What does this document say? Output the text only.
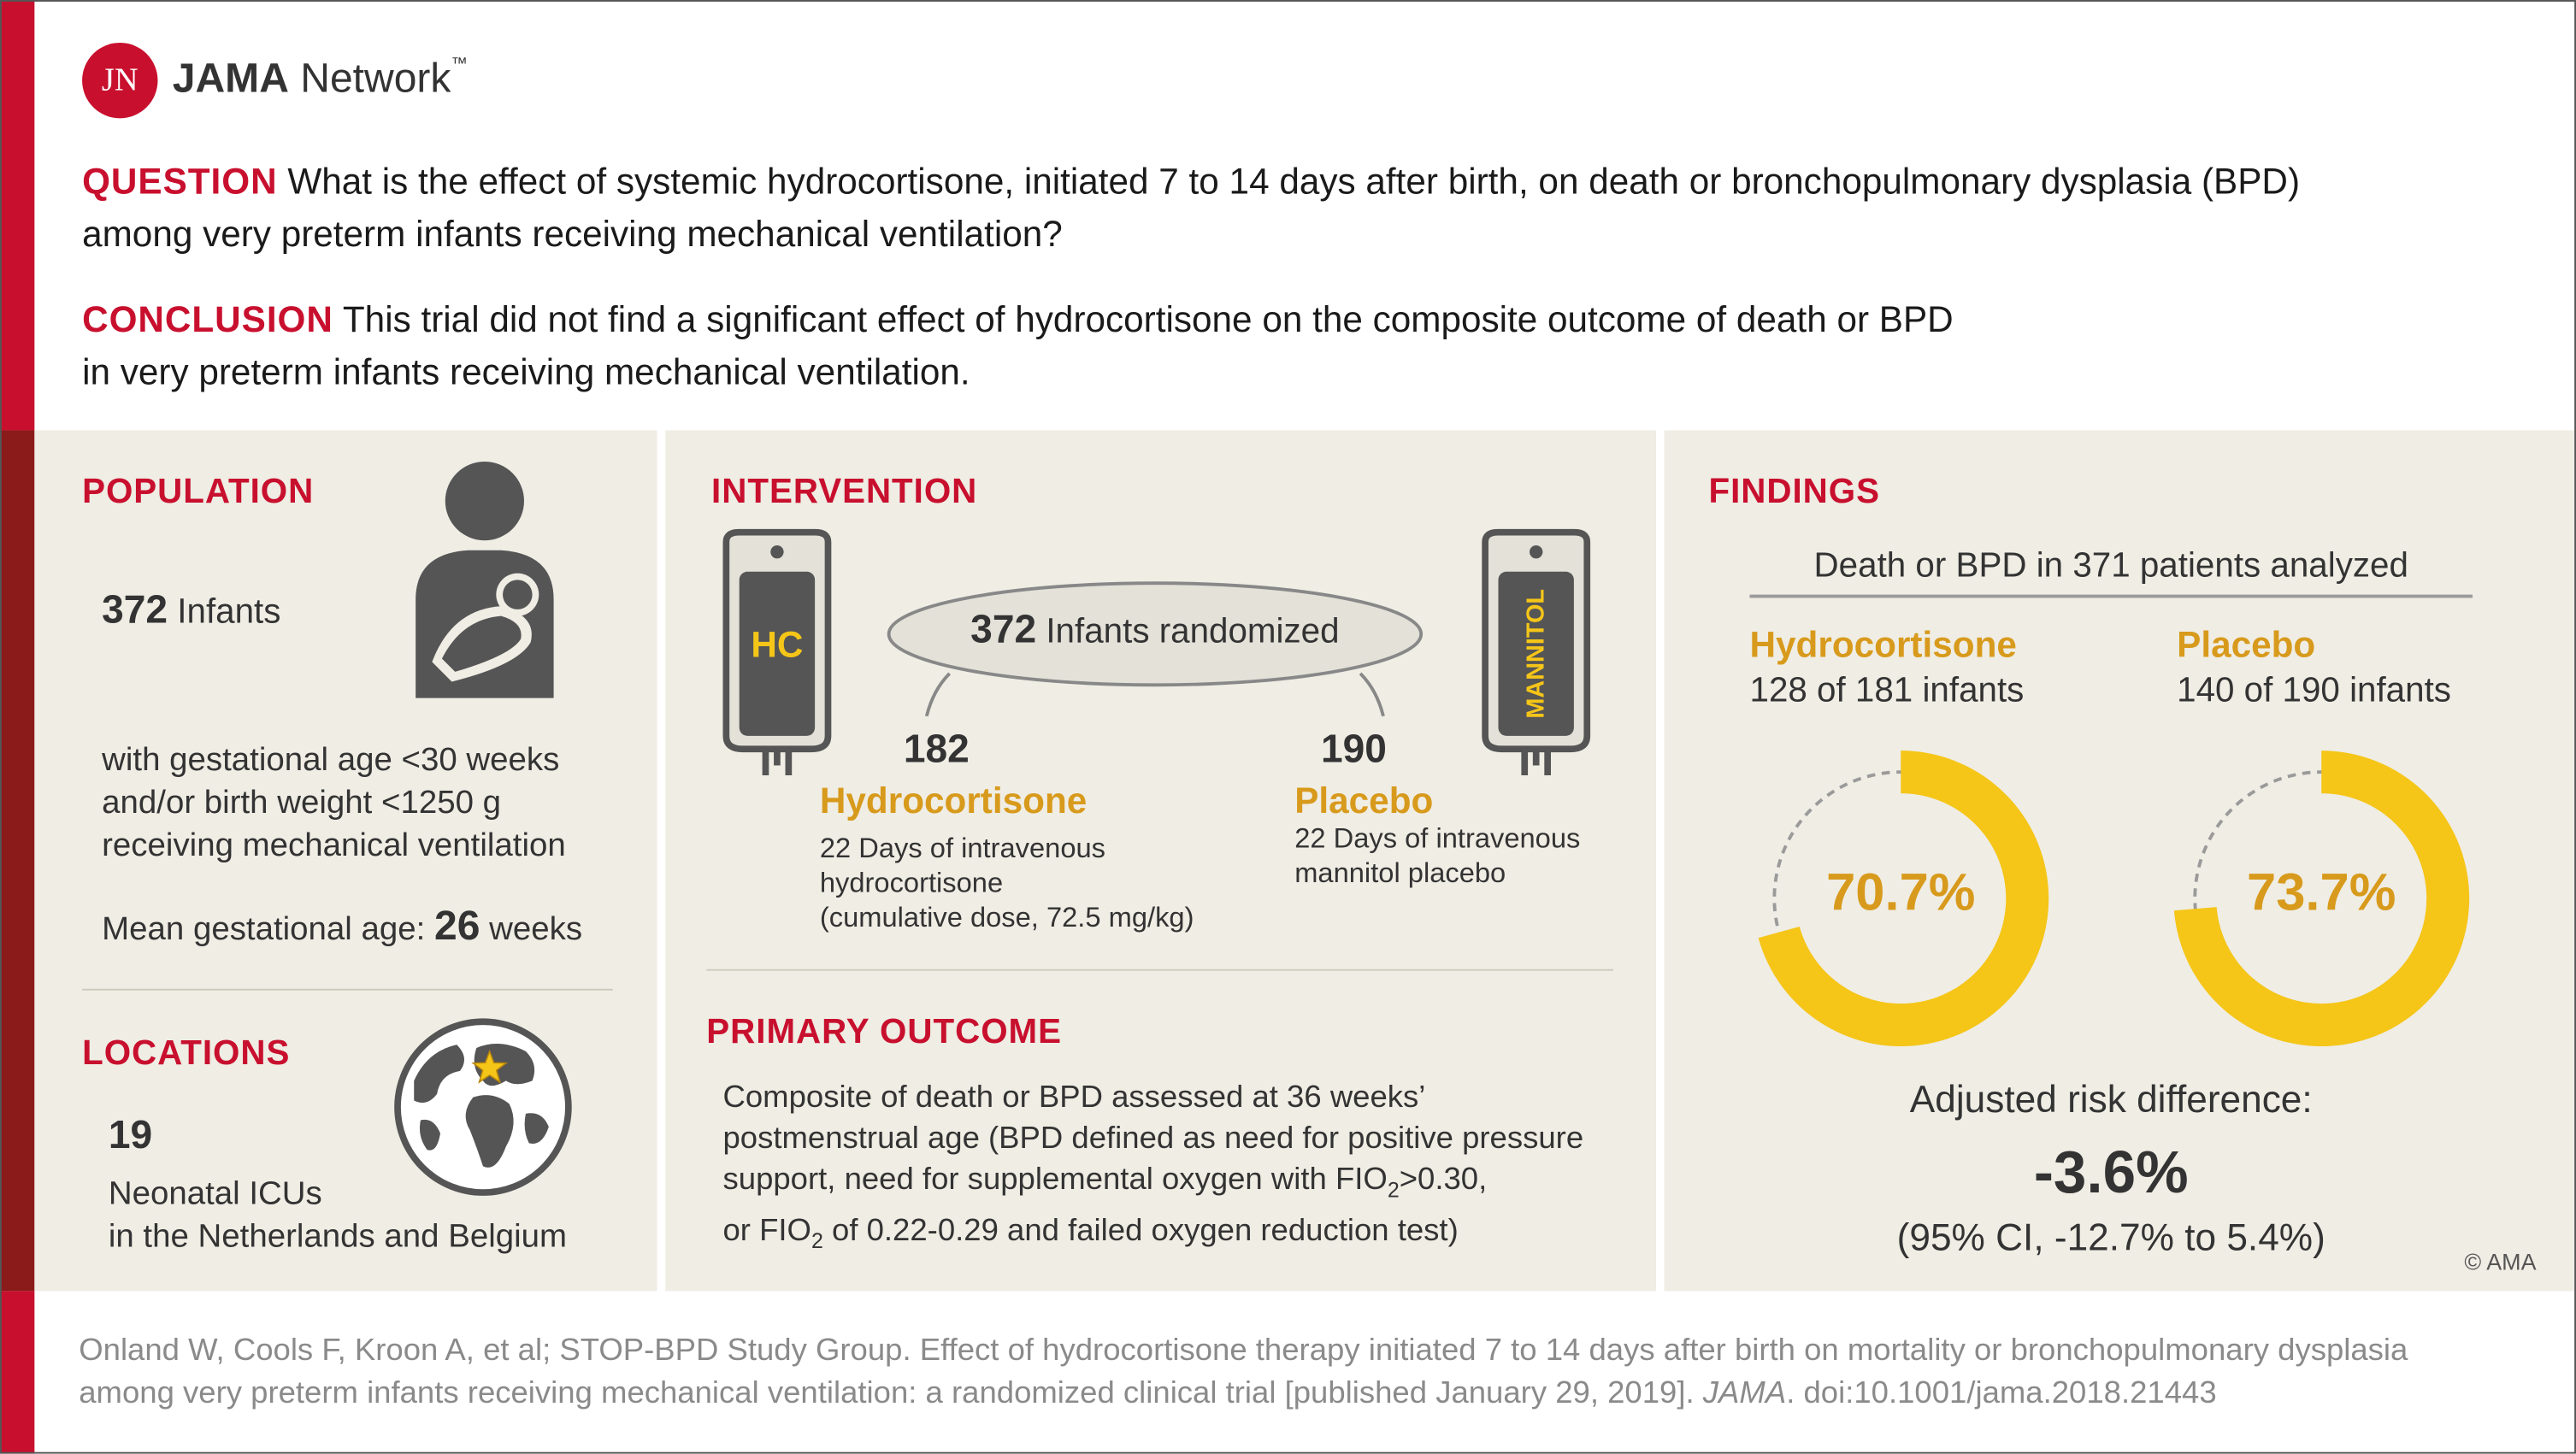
JN	JAMA Network™
QUESTION What is the effect of systemic hydrocortisone, initiated 7 to 14 days after birth, on death or bronchopulmonary dysplasia (BPD)
among very preterm infants receiving mechanical ventilation?
CONCLUSION This trial did not find a significant effect of hydrocortisone on the composite outcome of death or BPD
in very preterm infants receiving mechanical ventilation.
POPULATION
372 Infants
with gestational age <30 weeks
and/or birth weight <1250 g
receiving mechanical ventilation
Mean gestational age: 26 weeks
LOCATIONS
19
Neonatal ICUs
in the Netherlands and Belgium
INTERVENTION
HC	MANNITOL
372 Infants randomized
182
Hydrocortisone
22 Days of intravenous
hydrocortisone
(cumulative dose, 72.5 mg/kg)
190
Placebo
22 Days of intravenous
mannitol placebo
PRIMARY OUTCOME
Composite of death or BPD assessed at 36 weeks’
postmenstrual age (BPD defined as need for positive pressure
support, need for supplemental oxygen with $FIO_2>0.30$,
or $FIO_2$ of 0.22-0.29 and failed oxygen reduction test)
FINDINGS
Death or BPD in 371 patients analyzed
Hydrocortisone
128 of 181 infants
Placebo
140 of 190 infants
70.7%	73.7%
Adjusted risk difference:
-3.6%
(95% CI, -12.7% to 5.4%)
© AMA
Onland W, Cools F, Kroon A, et al; STOP-BPD Study Group. Effect of hydrocortisone therapy initiated 7 to 14 days after birth on mortality or bronchopulmonary dysplasia
among very preterm infants receiving mechanical ventilation: a randomized clinical trial [published January 29, 2019]. JAMA. doi:10.1001/jama.2018.21443
